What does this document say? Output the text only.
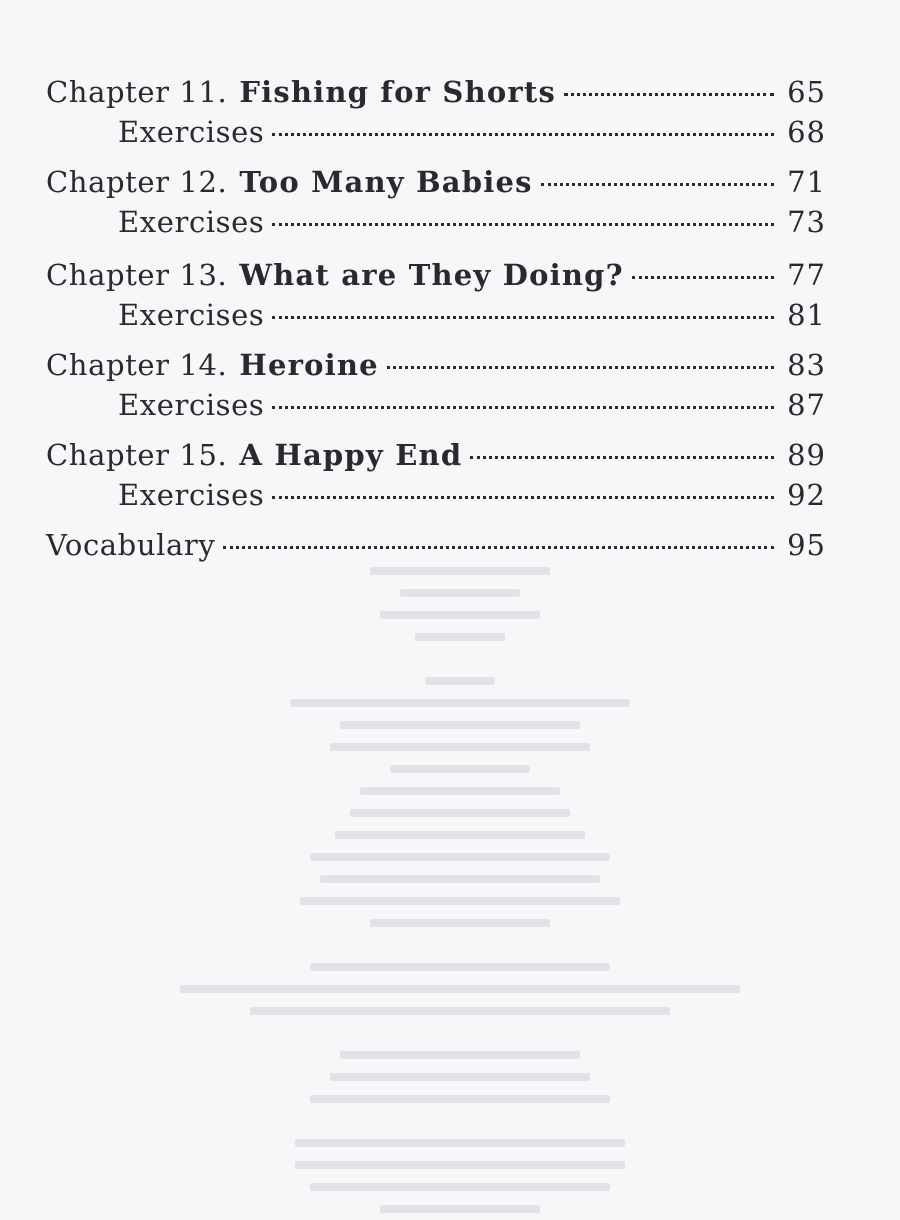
Chapter 11. Fishing for Shorts	65
Exercises	68
Chapter 12. Too Many Babies	71
Exercises	73
Chapter 13. What are They Doing?	77
Exercises	81
Chapter 14. Heroine	83
Exercises	87
Chapter 15. A Happy End	89
Exercises	92
Vocabulary	95
